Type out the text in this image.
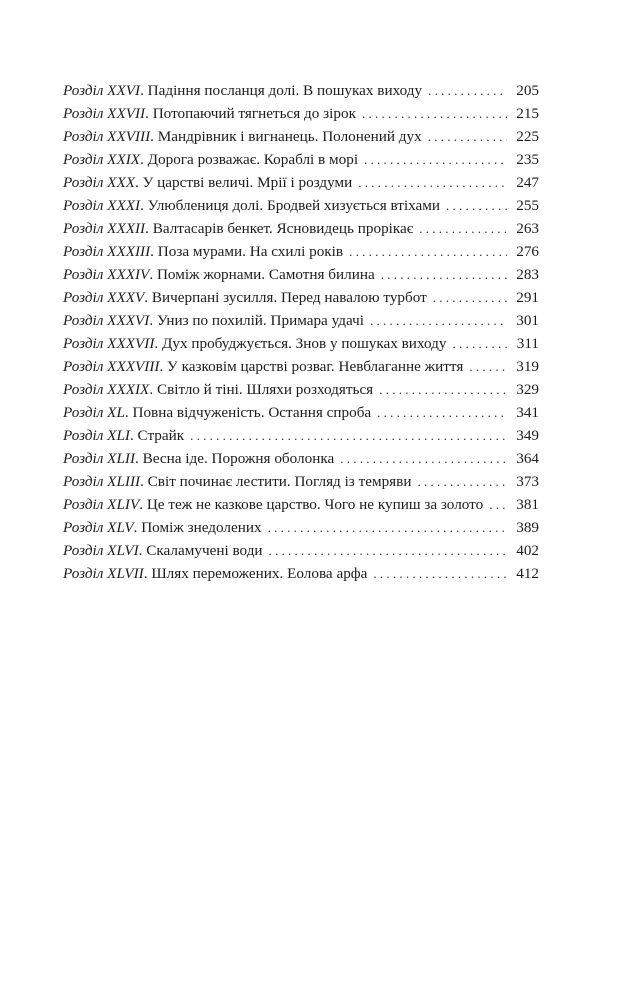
Розділ XXVI . Падіння посланця долі. В пошуках виходу . . .	205
Розділ XXVII . Потопаючий тягнеться до зірок . . .	215
Розділ XXVIII . Мандрівник і вигнанець. Полонений дух . . .	225
Розділ XXIX . Дорога розважає. Кораблі в морі . . .	235
Розділ XXX . У царстві величі. Мрії і роздуми . . .	247
Розділ XXXI . Улюблениця долі. Бродвей хизується втіхами . . .	255
Розділ XXXII . Валтасарів бенкет. Ясновидець прорікає . . .	263
Розділ XXXIII . Поза мурами. На схилі років . . .	276
Розділ XXXIV . Поміж жорнами. Самотня билина . . .	283
Розділ XXXV . Вичерпані зусилля. Перед навалою турбот . . .	291
Розділ XXXVI . Униз по похилій. Примара удачі . . .	301
Розділ XXXVII . Дух пробуджується. Знов у пошуках виходу . . .	311
Розділ XXXVIII . У казковім царстві розваг. Невблаганне життя . . .	319
Розділ XXXIX . Світло й тіні. Шляхи розходяться . . .	329
Розділ XL . Повна відчуженість. Остання спроба . . .	341
Розділ XLI . Страйк . . .	349
Розділ XLII . Весна іде. Порожня оболонка . . .	364
Розділ XLIII . Світ починає лестити. Погляд із темряви . . .	373
Розділ XLIV . Це теж не казкове царство. Чого не купиш за золото . . . 381
Розділ XLV . Поміж знедолених . . .	389
Розділ XLVI . Скаламучені води . . .	402
Розділ XLVII . Шлях переможених. Еолова арфа . . .	412
